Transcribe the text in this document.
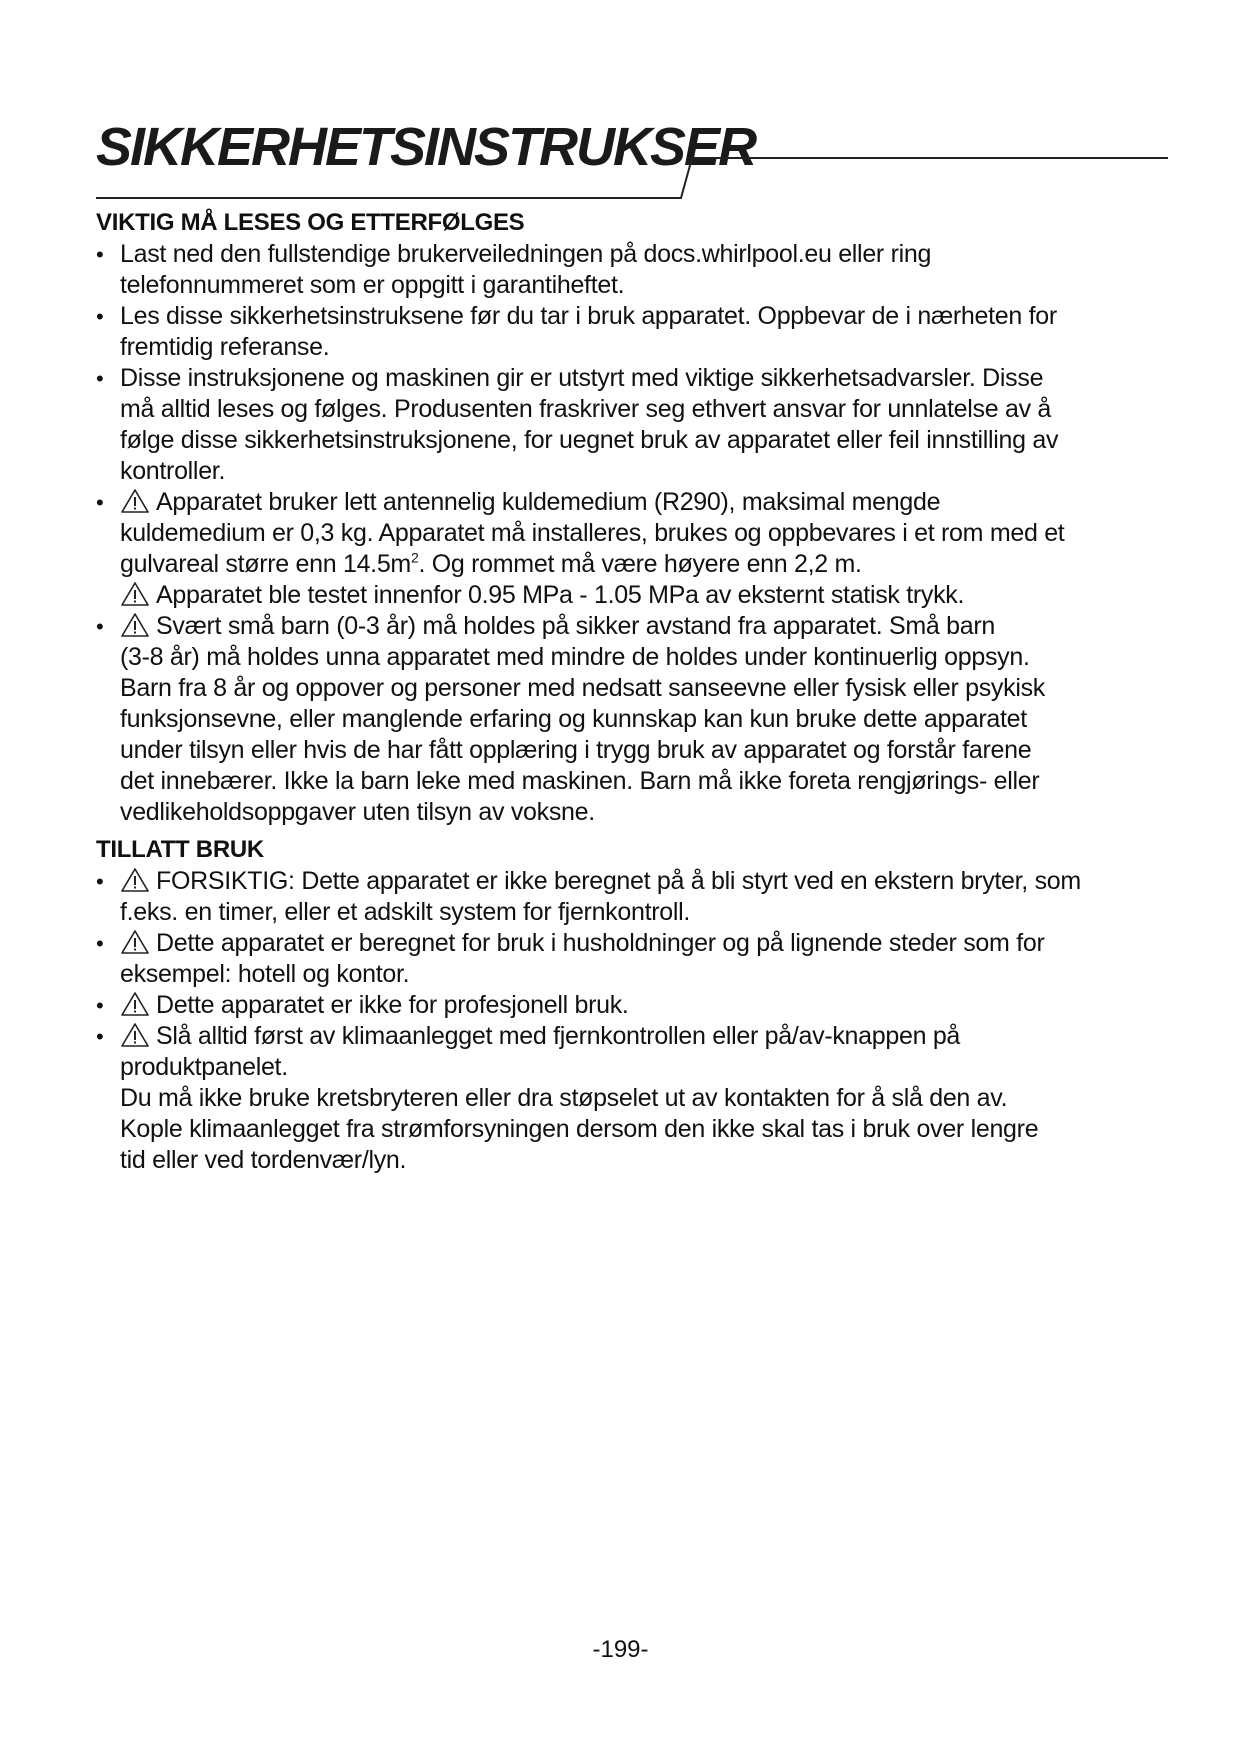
SIKKERHETSINSTRUKSER
VIKTIG MÅ LESES OG ETTERFØLGES
• Last ned den fullstendige brukerveiledningen på docs.whirlpool.eu eller ring
telefonnummeret som er oppgitt i garantiheftet.
• Les disse sikkerhetsinstruksene før du tar i bruk apparatet. Oppbevar de i nærheten for
fremtidig referanse.
• Disse instruksjonene og maskinen gir er utstyrt med viktige sikkerhetsadvarsler. Disse
må alltid leses og følges. Produsenten fraskriver seg ethvert ansvar for unnlatelse av å
følge disse sikkerhetsinstruksjonene, for uegnet bruk av apparatet eller feil innstilling av
kontroller.
•	Apparatet bruker lett antennelig kuldemedium (R290), maksimal mengde
kuldemedium er 0,3 kg. Apparatet må installeres, brukes og oppbevares i et rom med et
gulvareal større enn $14.5m^2$. Og rommet må være høyere enn 2,2 m.
Apparatet ble testet innenfor 0.95 MPa - 1.05 MPa av eksternt statisk trykk.
•	Svært små barn (0-3 år) må holdes på sikker avstand fra apparatet. Små barn
(3-8 år) må holdes unna apparatet med mindre de holdes under kontinuerlig oppsyn.
Barn fra 8 år og oppover og personer med nedsatt sanseevne eller fysisk eller psykisk
funksjonsevne, eller manglende erfaring og kunnskap kan kun bruke dette apparatet
under tilsyn eller hvis de har fått opplæring i trygg bruk av apparatet og forstår farene
det innebærer. Ikke la barn leke med maskinen. Barn må ikke foreta rengjørings- eller
vedlikeholdsoppgaver uten tilsyn av voksne.
TILLATT BRUK
•	FORSIKTIG: Dette apparatet er ikke beregnet på å bli styrt ved en ekstern bryter, som
f.eks. en timer, eller et adskilt system for fjernkontroll.
•	Dette apparatet er beregnet for bruk i husholdninger og på lignende steder som for
eksempel: hotell og kontor.
•	Dette apparatet er ikke for profesjonell bruk.
•	Slå alltid først av klimaanlegget med fjernkontrollen eller på/av-knappen på
produktpanelet.
Du må ikke bruke kretsbryteren eller dra støpselet ut av kontakten for å slå den av.
Kople klimaanlegget fra strømforsyningen dersom den ikke skal tas i bruk over lengre
tid eller ved tordenvær/lyn.
-199-
